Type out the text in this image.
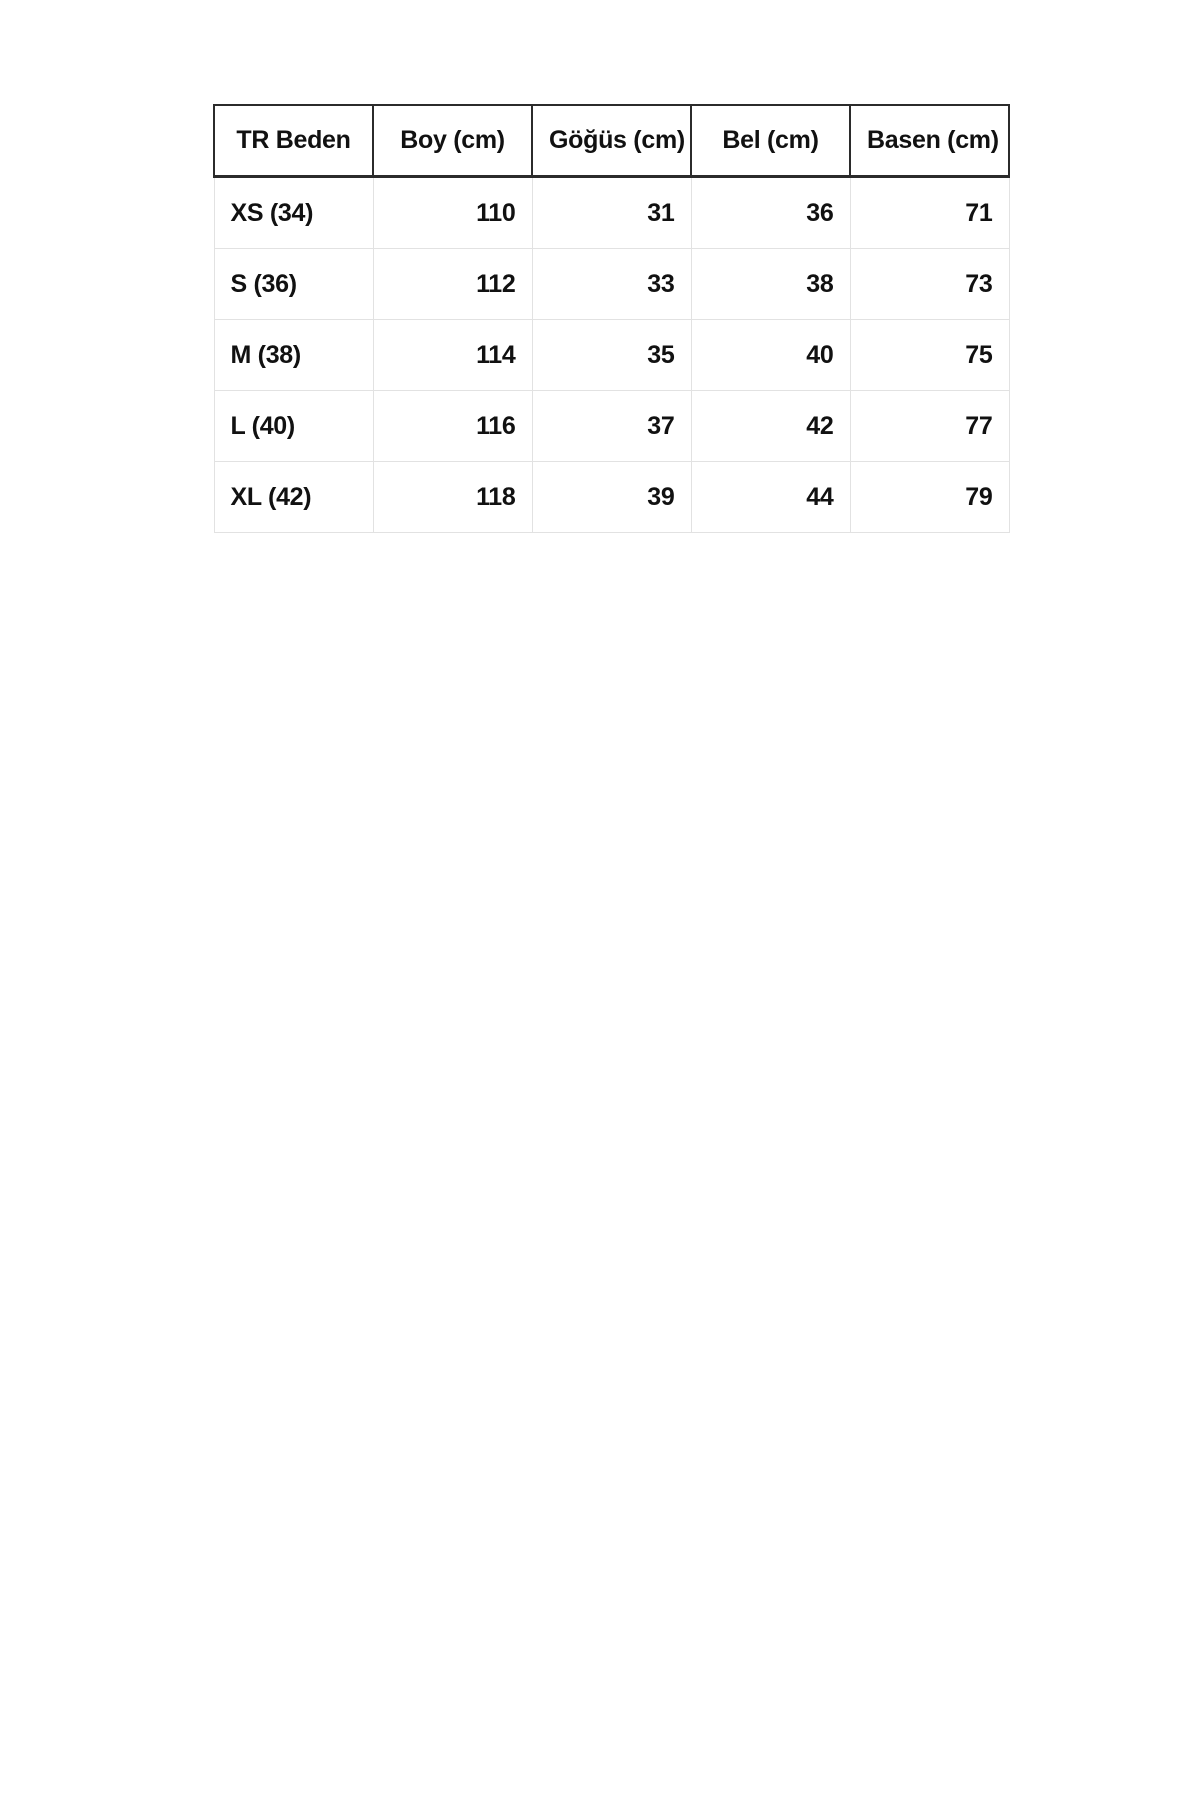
TR Beden	Boy (cm)	Göğüs (cm)	Bel (cm)	Basen (cm)
XS (34)	110	31	36	71
S (36)	112	33	38	73
M (38)	114	35	40	75
L (40)	116	37	42	77
XL (42)	118	39	44	79
